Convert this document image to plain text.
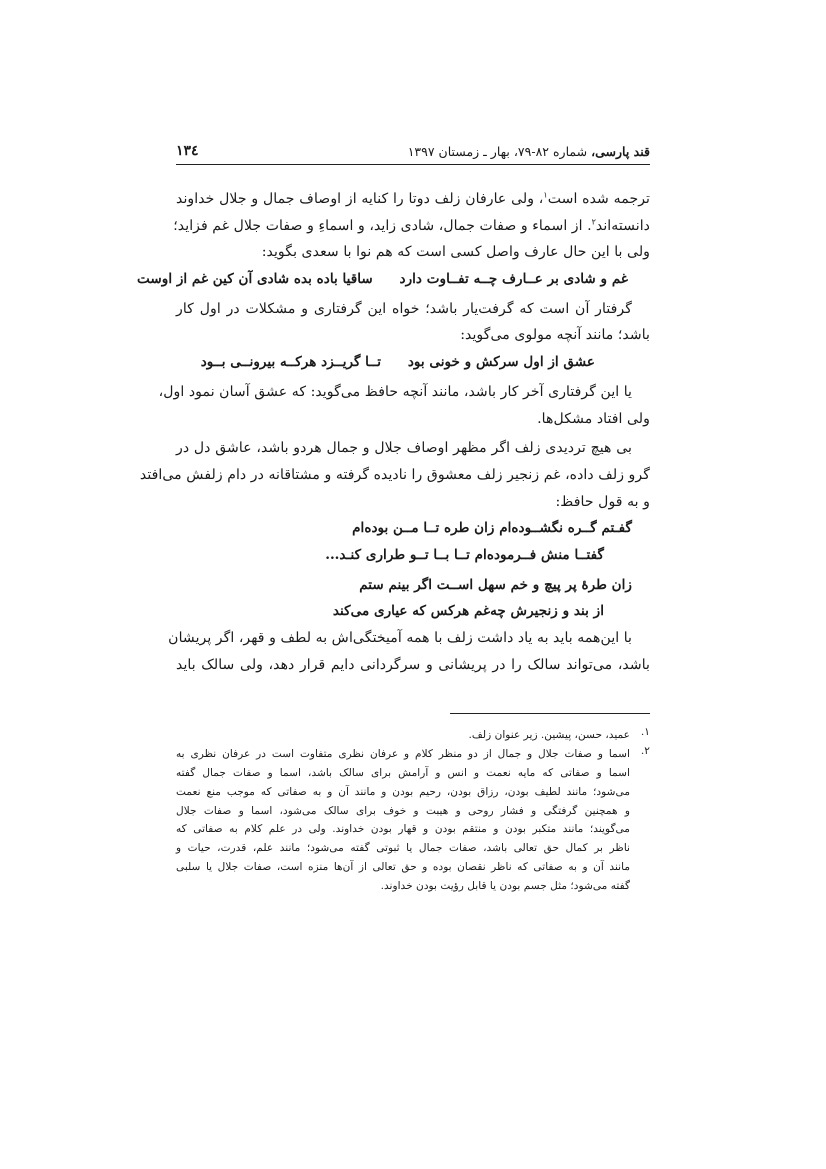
قند پارسی، شماره ۸۲-۷۹، بهار ـ زمستان ۱۳۹۷
۱۳٤
ترجمه شده است$^۱$، ولی عارفان زلف دوتا را کنایه از اوصاف جمال و جلال خداوند
دانسته‌اند$^۲$. از اسماء و صفات جمال، شادی زاید، و اسماءِ و صفات جلال غم فزاید؛
ولی با این حال عارف واصل کسی است که هم نوا با سعدی بگوید:
غم و شادی بر عــارف چــه تفــاوت دارد ساقیا باده بده شادی آن کین غم از اوست
گرفتار آن است که گرفت‌یار باشد؛ خواه این گرفتاری و مشکلات در اول کار
باشد؛ مانند آنچه مولوی می‌گوید:
عشق از اول سرکش و خونی بود تــا گریــزد هرکــه بیرونــی بــود
یا این گرفتاری آخر کار باشد، مانند آنچه حافظ می‌گوید: که عشق آسان نمود اول،
ولی افتاد مشکل‌ها.
بی هیچ تردیدی زلف اگر مظهر اوصاف جلال و جمال هردو باشد، عاشق دل در
گرو زلف داده، غم زنجیر زلف معشوق را نادیده گرفته و مشتاقانه در دام زلفش می‌افتد
و به قول حافظ:
گفـتم گــره نگشــوده‌ام زان طره تــا مــن بوده‌ام
گفتــا منش فــرموده‌ام تــا بــا تــو طراری کنـد...
زان طرهٔ پر پیچ و خم سهل اســت اگر بینم ستم
از بند و زنجیرش چه‌غم هرکس که عیاری می‌کند
با این‌همه باید به یاد داشت زلف با همه آمیختگی‌اش به لطف و قهر، اگر پریشان
باشد، می‌تواند سالک را در پریشانی و سرگردانی دایم قرار دهد، ولی سالک باید
۱.
عمید، حسن، پیشین. زیر عنوان زلف.
۲.
اسما و صفات جلال و جمال از دو منظر کلام و عرفان نظری متفاوت است در عرفان نظری به
اسما و صفاتی که مایه نعمت و انس و آرامش برای سالک باشد، اسما و صفات جمال گفته
می‌شود؛ مانند لطیف بودن، رزاق بودن، رحیم بودن و مانند آن و به صفاتی که موجب منع نعمت
و همچنین گرفتگی و فشار روحی و هیبت و خوف برای سالک می‌شود، اسما و صفات جلال
می‌گویند؛ مانند متکبر بودن و منتقم بودن و قهار بودن خداوند. ولی در علم کلام به صفاتی که
ناظر بر کمال حق تعالی باشد، صفات جمال یا ثبوتی گفته می‌شود؛ مانند علم، قدرت، حیات و
مانند آن و به صفاتی که ناظر نقصان بوده و حق تعالی از آن‌ها منزه است، صفات جلال یا سلبی
گفته می‌شود؛ مثل جسم بودن یا قابل رؤیت بودن خداوند.
